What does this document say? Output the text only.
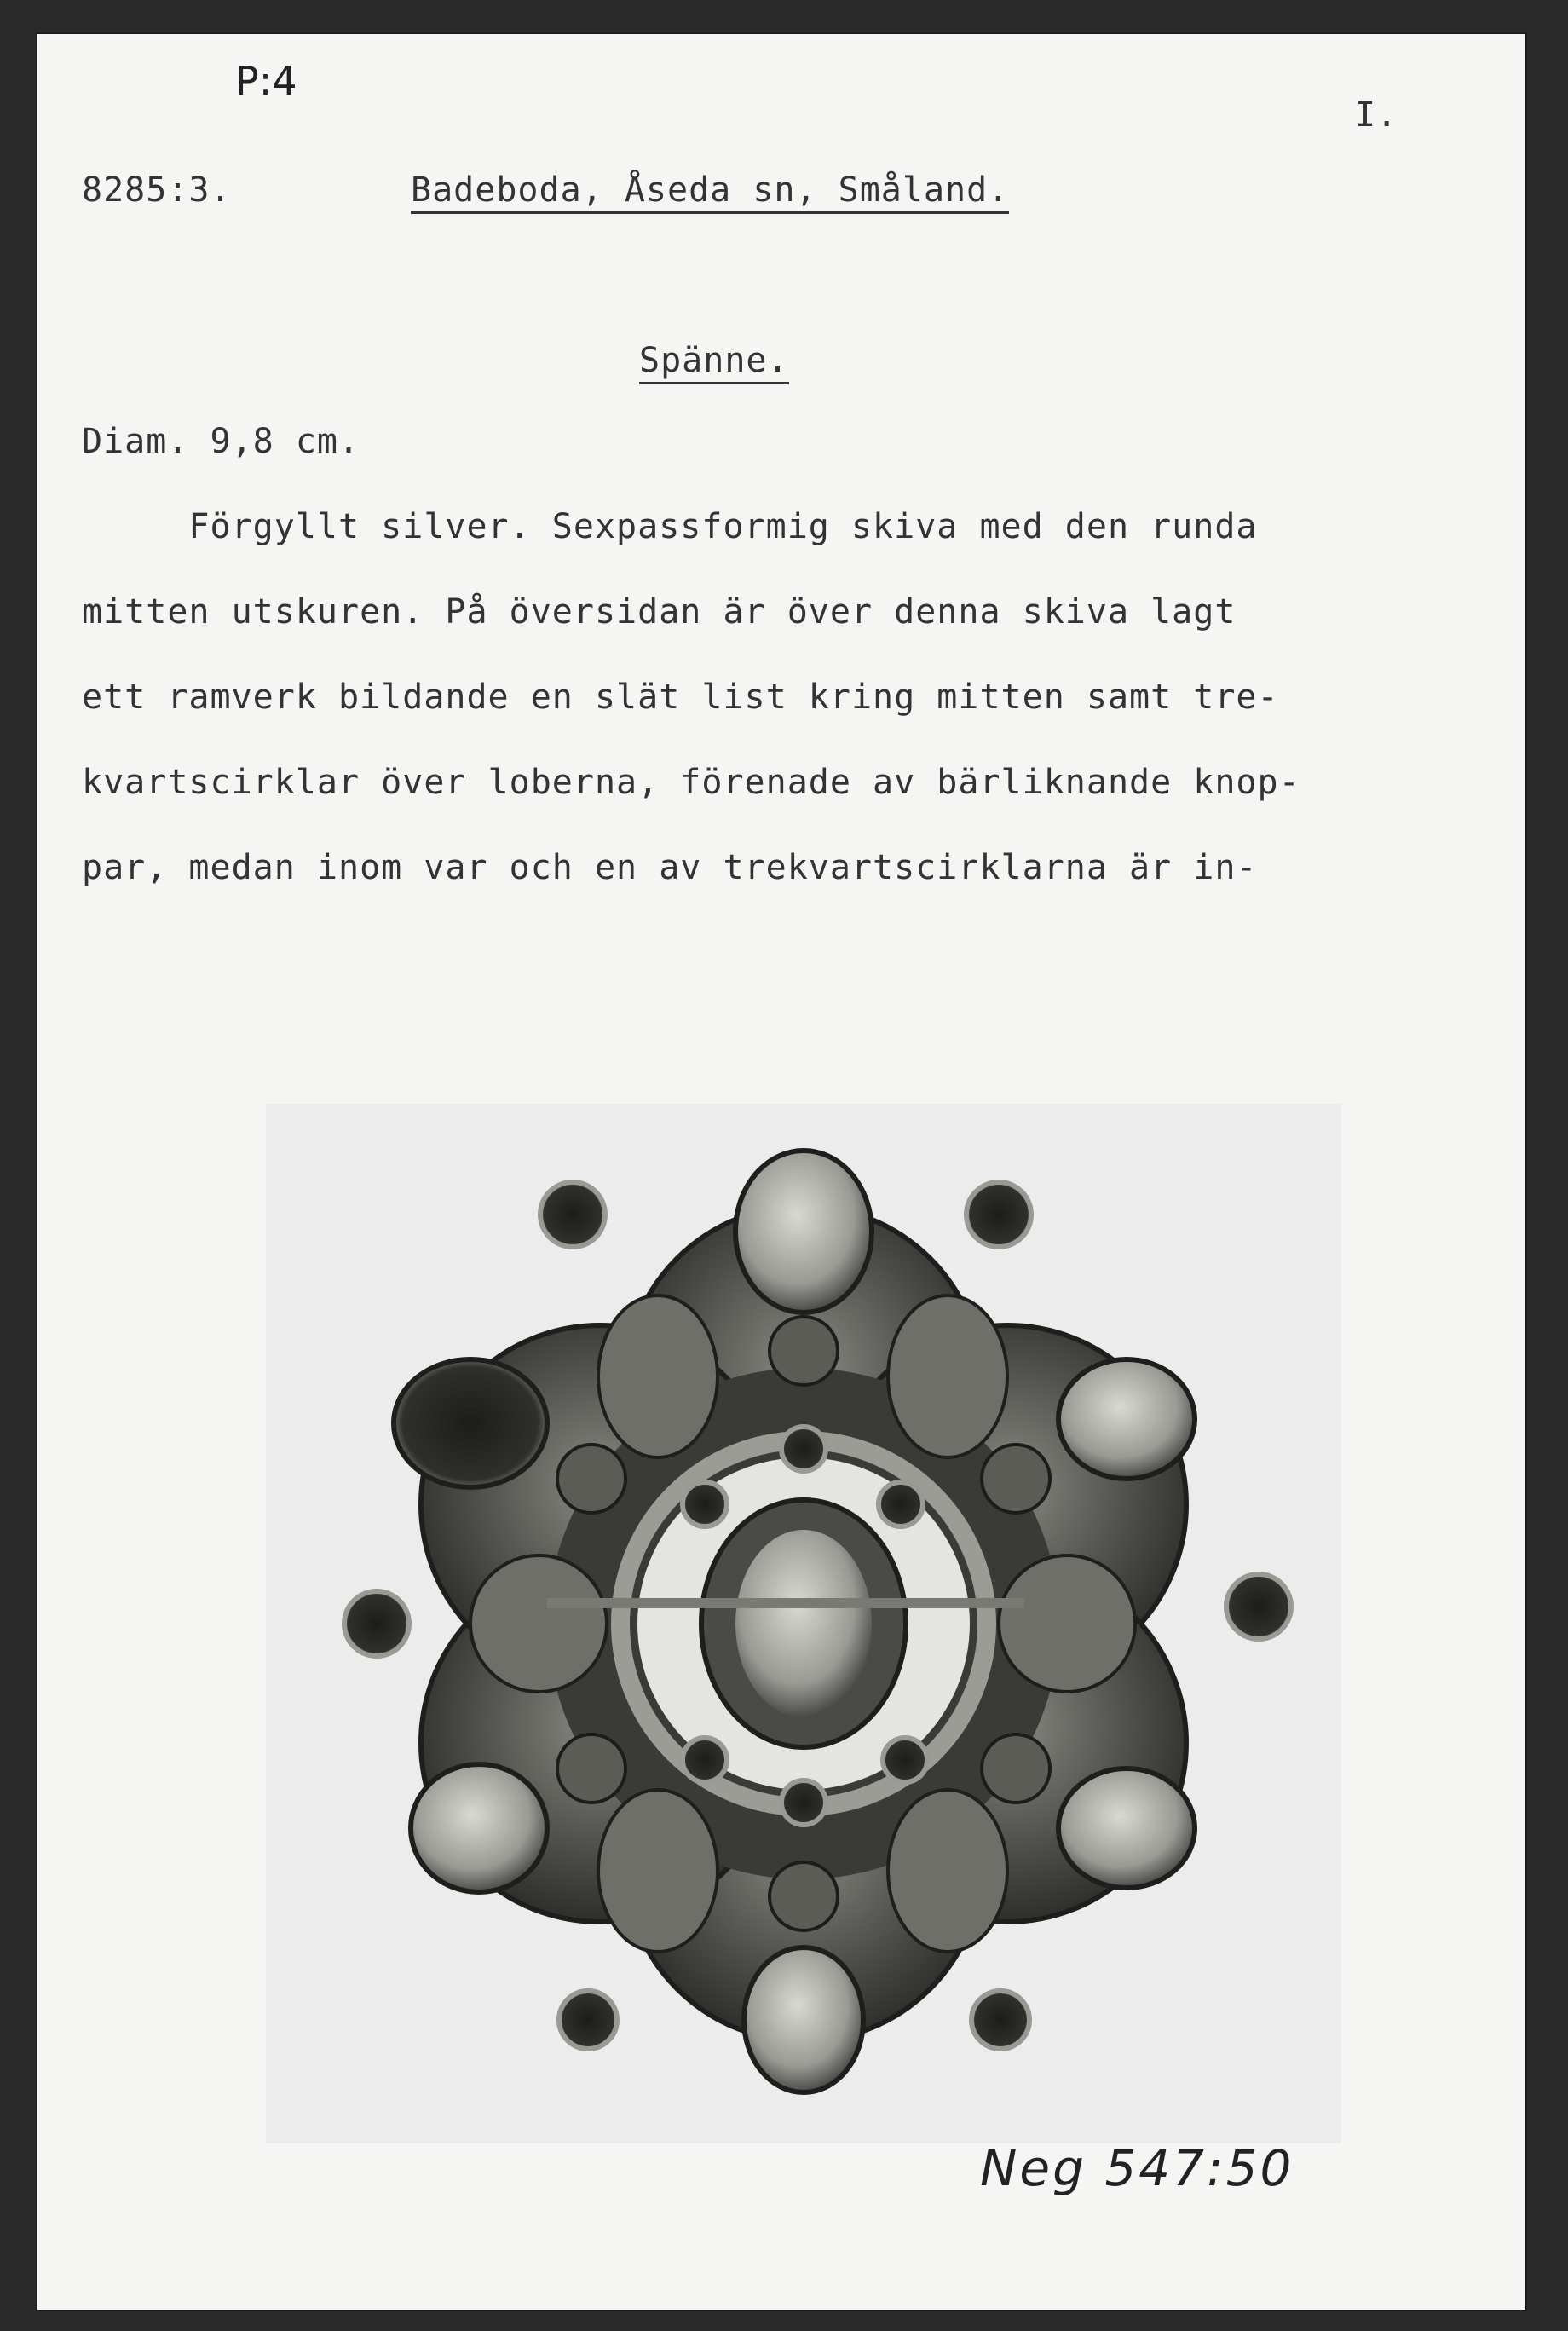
P:4
I.
8285:3.	Badeboda, Åseda sn, Småland.
Spänne.
Diam. 9,8 cm.
Förgyllt silver. Sexpassformig skiva med den runda
mitten utskuren. På översidan är över denna skiva lagt
ett ramverk bildande en slät list kring mitten samt tre-
kvartscirklar över loberna, förenade av bärliknande knop-
par, medan inom var och en av trekvartscirklarna är in-
Neg 547:50
